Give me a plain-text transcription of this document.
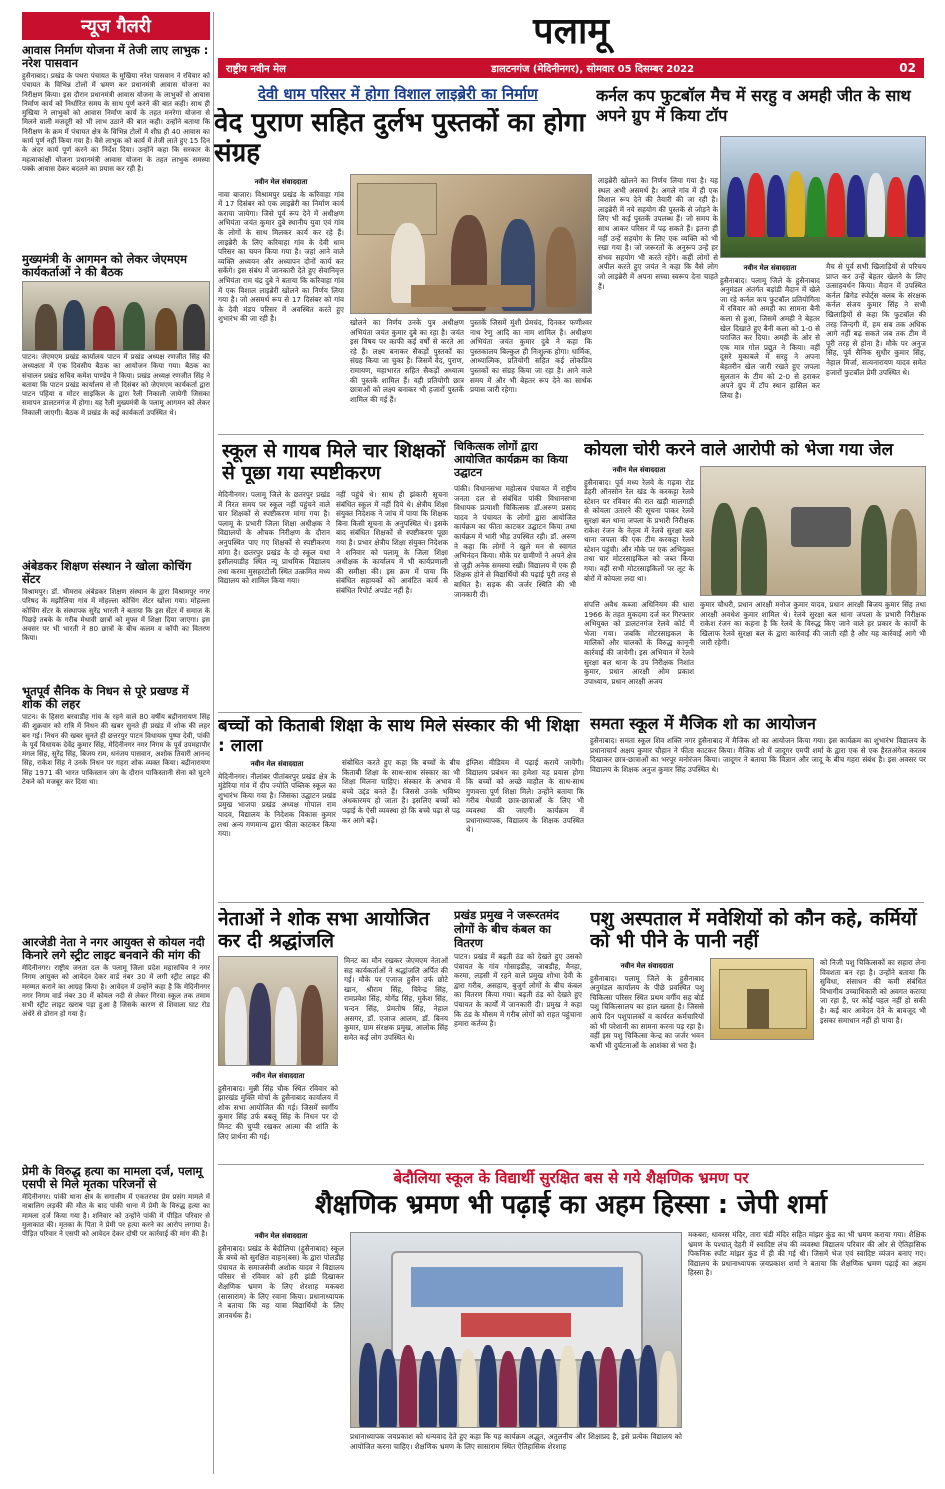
न्यूज गैलरी
आवास निर्माण योजना में तेजी लाए लाभुक : नरेश पासवान
हुसैनाबाद। प्रखंड के पथरा पंचायत के मुखिया नरेश पासवान ने रविवार को पंचायत के विभिन्न टोलों में भ्रमण कर प्रधानमंत्री आवास योजना का निरीक्षण किया। इस दौरान प्रधानमंत्री आवास योजना के लाभुकों से आवास निर्माण कार्य को निर्धारित समय के साथ पूर्ण करने की बात कही। साथ ही मुखिया ने लाभुकों को आवास निर्माण कार्य के तहत मनरेगा योजना से मिलने वाली मजदूरी को भी लाभ उठाने की बात कही। उन्होंने बताया कि निरीक्षण के क्रम में पंचायत क्षेत्र के विभिन्न टोलों में शीघ्र ही 40 आवास का कार्य पूर्ण नहीं किया गया है। वैसे लाभुक को कार्य में तेजी लाते हुए 15 दिन के अंदर कार्य पूर्ण करने का निर्देश दिया। उन्होंने कहा कि सरकार के महत्वाकांक्षी योजना प्रधानमंत्री आवास योजना के तहत लाभुक समस्या पक्के आवास देकर बदलने का प्रयास कर रही है।
मुख्यमंत्री के आगमन को लेकर जेएमएम कार्यकर्ताओं ने की बैठक
पाटन। जेएमएम प्रखंड कार्यालय पाटन में प्रखंड अध्यक्ष रणजीत सिंह की अध्यक्षता में एक दिवसीय बैठक का आयोजन किया गया। बैठक का संचालन प्रखंड सचिव कमेश पाण्डेय ने किया। प्रखंड अध्यक्ष रणजीत सिंह ने बताया कि पाटन प्रखंड कार्यालय से नौ दिसंबर को जेएमएम कार्यकर्ता द्वारा पाटन पहिया व मोटर साइकिल के द्वारा रैली निकाली जायेगी जिसका समापन डालटनगंज में होगा। यह रैली मुख्यमंत्री के पलामू आगमन को लेकर निकाली जाएगी। बैठक में प्रखंड के कई कार्यकर्ता उपस्थित थे।
अंबेडकर शिक्षण संस्थान ने खोला कोचिंग सेंटर
विश्रामपुर। डॉ. भीमराव अंबेडकर शिक्षण संस्थान के द्वारा विश्रामपुर नगर परिषद के मझौलिया गांव में मोहल्ला कोचिंग सेंटर खोला गया। मोहल्ला कोचिंग सेंटर के संस्थापक सुरेंद्र भारती ने बताया कि इस सेंटर में समाज के पिछड़े तबके के गरीब मेधावी छात्रों को मुफ्त में शिक्षा दिया जाएगा। इस अवसर पर भी भारती ने 80 छात्रों के बीच कलम व कॉपी का वितरण किया।
भूतपूर्व सैनिक के निधन से पूरे प्रखण्ड में शोक की लहर
पाटन। के हिसरा बरवाडीह गांव के रहने वाले 80 वर्षीय बद्रीनारायण सिंह की शुक्रवार को रात्रि में निधन की खबर सुनते ही प्रखंड में शोक की लहर बन गई। निधन की खबर सुनते ही छत्तरपुर पाटन विधायक पुष्पा देवी, पांकी के पूर्व विधायक देवेंद्र कुमार सिंह, मेदिनीनगर नगर निगम के पूर्व उपमहापौर मंगल सिंह, सुरेंद्र सिंह, बिजय राम, धनंजय पासवान, अशोक तिवारी आनन्द सिंह, राकेश सिंह ने उनके निधन पर गहरा शोक व्यक्त किया। बद्रीनारायण सिंह 1971 की भारत पाकिस्तान जंग के दौरान पाकिस्तानी सेना को घुटने टेकने को मजबूर कर दिया था।
आरजेडी नेता ने नगर आयुक्त से कोयल नदी किनारे लगे स्ट्रीट लाइट बनवाने की मांग की
मेदिनीनगर। राष्ट्रीय जनता दल के पलामू जिला प्रदेश महासचिव ने नगर निगम आयुक्त को आवेदन देकर वार्ड नंबर 30 में लगी स्ट्रीट लाइट की मरम्मत कराने का आग्रह किया है। आवेदन में उन्होंने कहा है कि मेदिनीनगर नगर निगम वार्ड नंबर 30 में कोयल नदी से लेकर गिरवा स्कूल तक तमाम सभी स्ट्रीट लाइट खराब पड़ा हुआ है जिसके कारण से शिवाला घाट रोड अंधेरे से डोरान हो गया है।
प्रेमी के विरुद्ध हत्या का मामला दर्ज, पलामू एसपी से मिले मृतका परिजनों से
मेदिनीनगर। पांकी थाना क्षेत्र के सगालीम में एकतरफा प्रेम प्रसंग मामले में नाबालिग लड़की की मौत के बाद पांकी थाना में प्रेमी के विरुद्ध हत्या का मामला दर्ज किया गया है। शनिवार को उन्होंने पांकी में पीड़ित परिवार से मुलाकात की। मृतका के पिता ने प्रेमी पर हत्या करने का आरोप लगाया है। पीड़ित परिवार ने एसपी को आवेदन देकर दोषी पर कार्रवाई की मांग की है।
पलामू
राष्ट्रीय नवीन मेल	डालटनगंज (मेदिनीनगर), सोमवार 05 दिसम्बर 2022	02
देवी धाम परिसर में होगा विशाल लाइब्रेरी का निर्माण
वेद पुराण सहित दुर्लभ पुस्तकों का होगा संग्रह
नवीन मेल संवाददाता

नावा बाजार। विश्रामपुर प्रखंड के करिवाहा गांव में 17 दिसंबर को एक लाइब्रेरी का निर्माण कार्य कराया जायेगा। जिसे पूर्व रूप देने में अधीक्षण अभियंता जयंत कुमार दुबे स्थानीय युवा एवं गांव के लोगों के साथ मिलकर कार्य कर रहे हैं। लाइब्रेरी के लिए करिवाहा गांव के देवी धाम परिसर का चयन किया गया है। जहां आने वाले व्यक्ति अध्ययन और अध्यापन दोनों कार्य कर सकेंगे। इस संबंध में जानकारी देते हुए सेवानिवृत्त अभियंता राम चंद्र दुबे ने बताया कि करिवाहा गांव में एक विशाल लाइब्रेरी खोलने का निर्णय लिया गया है। जो असमर्थ रूप से 17 दिसंबर को गांव के देवी मंडप परिसर में अवस्थित करते हुए शुभारंभ की जा रही है।	खोलने का निर्णय उनके पुत्र अधीक्षण अभियंता जयंत कुमार दुबे का रहा है। जयंत इस विषय पर काफी कई वर्षों से करते आ रहे हैं। लक्ष्य बनाकर सैकड़ों पुस्तकों का संग्रह किया जा चुका है। जिसमें वेद, पुराण, रामायण, महाभारत सहित सैकड़ों अध्यात्म की पुस्तकें शामिल हैं। वही प्रतियोगी छात्र छात्राओं को लक्ष्य बनाकर भी हजारों पुस्तकें शामिल की गई हैं।

पुस्तकें जिसमें मुंशी प्रेमचंद, दिनकर फणीश्वर नाथ रेणु आदि का नाम शामिल है। अधीक्षण अभियंता जयंत कुमार दुबे ने कहा कि पुस्तकालय बिल्कुल ही निःशुल्क होगा। धार्मिक, आध्यात्मिक, प्रतियोगी सहित कई लोकप्रिय पुस्तकों का संग्रह किया जा रहा है। आने वाले समय में और भी बेहतर रूप देने का सार्थक प्रयास जारी रहेगा।

लाइब्रेरी खोलने का निर्णय लिया गया है। यह स्थल अभी असमर्थ है। अगले गांव में ही एक विशाल रूप देने की तैयारी की जा रही है। लाइब्रेरी में नये सहयोग की पुस्तकें से जोड़ने के लिए भी कई पुस्तकें उपलब्ध हैं। जो समय के साथ आकर परिसर में पढ़ सकते हैं। इतना ही नहीं उन्हें सहयोग के लिए एक व्यक्ति को भी रखा गया है। जो जरूरतों के अनुरूप उन्हें हर संभव सहयोग भी करते रहेंगे। कहीं लोगों से अपील करते हुए जयंत ने कहा कि वैसे लोग जो लाइब्रेरी में अपना सच्चा स्वरूप देना चाहते हैं।

कर्नल कप फुटबॉल मैच में सरहु व अमही जीत के साथ अपने ग्रुप में किया टॉप
नवीन मेल संवाददाता

हुसैनाबाद। पलामू जिले के हुसैनाबाद अनुमंडल अंतर्गत बड़ांडी मैदान में खेले जा रहे कर्नल कप फुटबॉल प्रतियोगिता में रविवार को अमही का सामना बैनी कला से हुआ, जिसमें अमही ने बेहतर खेल दिखाते हुए बैनी कला को 1-0 से पराजित कर दिया। अमही के ओर से एक मात्र गोल प्रद्युत ने किया। वहीं दूसरे मुकाबले में सरहु ने अपना बेहतरीन खेल जारी रखते हुए जपला सुलतान के टीम को 2-0 से हराकर अपने ग्रुप में टॉप स्थान हासिल कर लिया है।

मैच से पूर्व सभी खिलाड़ियों से परिचय प्राप्त कर उन्हें बेहतर खेलने के लिए उत्साहवर्धन किया। मैदान में उपस्थित कर्नल ब्रिगेड स्पोर्ट्स क्लब के संरक्षक कर्नल संजय कुमार सिंह ने सभी खिलाड़ियों से कहा कि फुटबॉल की तरह जिन्दगी में, हम सब तक अधिक आगे नहीं बढ़ सकते जब तक टीम में पूरी तरह से होना है। मौके पर अनुज सिंह, पूर्व सैनिक सुधीर कुमार सिंह, नेहाल मिर्जा, सत्यनारायण यादव समेत हजारों फुटबॉल प्रेमी उपस्थित थे।

स्कूल से गायब मिले चार शिक्षकों से पूछा गया स्पष्टीकरण

मेदिनीनगर। पलामू जिले के छतरपुर प्रखंड में निरत समय पर स्कूल नहीं पहुंचने वाले चार शिक्षकों से स्पष्टीकरण मांगा गया है। पलामू के प्रभारी जिला शिक्षा अधीक्षक ने विद्यालयों के औचक निरीक्षण के दौरान अनुपस्थित पाए गए शिक्षकों से स्पष्टीकरण मांगा है। छतरपुर प्रखंड के दो स्कूल यथा इसीलयाडीह स्थित न्यू प्राथमिक विद्यालय तथा करमा मुसहरटोली स्थित उत्क्रमित मध्य विद्यालय को शामिल किया गया।

नहीं पहुंचे थे। साथ ही झंकारी सूचना संबंधित स्कूल में नहीं दिये थे। क्षेत्रीय शिक्षा संयुक्त निदेशक ने जांच में पाया कि शिक्षक बिना किसी सूचना के अनुपस्थित थे। इसके बाद संबंधित शिक्षकों से स्पष्टीकरण पूछा गया है। प्रभार क्षेत्रीय शिक्षा संयुक्त निदेशक ने शनिवार को पलामू के जिला शिक्षा अधीक्षक के कार्यालय में भी कार्यप्रणाली की समीक्षा की। इस क्रम में पाया कि संबंधित सहायकों को आवंटित कार्य से संबंधित रिपोर्ट अपडेट नहीं है।

चिकित्सक लोगों द्वारा आयोजित कार्यक्रम का किया उद्घाटन

पांकी। विधानसभा महोत्सव पंचायत में राष्ट्रीय जनता दल से संबंधित पांकी विधानसभा विधायक प्रत्याशी चिकित्सक डॉ.अरुण प्रसाद यादव ने पंचायत के लोगों द्वारा आयोजित कार्यक्रम का फीता काटकर उद्घाटन किया तथा कार्यक्रम में भारी भीड़ उपस्थित रही। डॉ. अरुण ने कहा कि लोगों ने खुले मन से स्वागत अभिनंदन किया। मौके पर ग्रामीणों ने अपने क्षेत्र से जुड़ी अनेक समस्या रखी। विद्यालय में एक ही शिक्षक होने से विद्यार्थियों की पढ़ाई पूरी तरह से बाधित है। सड़क की जर्जर स्थिति की भी जानकारी दी।

कोयला चोरी करने वाले आरोपी को भेजा गया जेल
नवीन मेल संवाददाता

हुसैनाबाद। पूर्व मध्य रेलवे के गढ़वा रोड डेहरी ऑनसोन रेल खंड के करकट्टा रेलवे स्टेशन पर रविवार की रात खड़ी मालगाड़ी से कोयला उतारने की सूचना पाकर रेलवे सुरक्षा बल थाना जपला के प्रभारी निरीक्षक राकेश रंजन के नेतृत्व में रेलवे सुरक्षा बल थाना जपला की एक टीम करकट्टा रेलवे स्टेशन पहुंची। और मौके पर एक अभियुक्त तथा चार मोटरसाइकिल को जब्त किया गया। वहीं सभी मोटरसाइकिलों पर लूट के बोरों में कोयला लदा था।

संपत्ति अवैध कब्जा अधिनियम की धारा 1966 के तहत मुकदमा दर्ज कर गिरफ्तार अभियुक्त को डालटनगंज रेलवे कोर्ट में भेजा गया। जबकि मोटरसाइकल के मालिकों और चालकों के विरुद्ध कानूनी कार्रवाई की जायेगी। इस अभियान में रेलवे सुरक्षा बल थाना के उप निरीक्षक निशांत कुमार, प्रधान आरक्षी ओम प्रकाश उपाध्याय, प्रधान आरक्षी अजय

कुमार चौधरी, प्रधान आरक्षी मनोज कुमार यादव, प्रधान आरक्षी बिजय कुमार सिंह तथा आरक्षी अवधेश कुमार शामिल थे। रेलवे सुरक्षा बल थाना जपला के प्रभारी निरीक्षक राकेश रंजन का कहना है कि रेलवे के विरुद्ध किए जाने वाले हर प्रकार के कार्यों के खिलाफ रेलवे सुरक्षा बल के द्वारा कार्रवाई की जाती रही है और यह कार्रवाई आगे भी जारी रहेगी।

बच्चों को किताबी शिक्षा के साथ मिले संस्कार की भी शिक्षा : लाला
नवीन मेल संवाददाता

मेदिनीनगर। नीलांबर पीतांबरपुर प्रखंड क्षेत्र के मुंडेरिया गांव में दीप ज्योति पब्लिक स्कूल का शुभारंभ किया गया है। जिसका उद्घाटन प्रखंड प्रमुख भाजपा प्रखंड अध्यक्ष गोपाल राम यादव, विद्यालय के निदेशक विकास कुमार तथा अन्य गणमान्य द्वारा फीता काटकर किया गया।

संबोधित करते हुए कहा कि बच्चों के बीच किताबी शिक्षा के साथ-साथ संस्कार का भी शिक्षा मिलना चाहिए। संस्कार के अभाव में बच्चे उद्दंड बनते हैं। जिससे उनके भविष्य अंधकारमय हो जाता है। इसलिए बच्चों को पढ़ाई के ऐसी व्यवस्था हो कि बच्चे पढ़ा से पढ़ कर आगे बढ़ें।

इंग्लिश मीडियम में पढ़ाई करायें जायेंगी। विद्यालय प्रबंधन का हमेशा यह प्रयास होगा कि बच्चों को अच्छे माहौल के साथ-साथ गुणवत्ता पूर्ण शिक्षा मिले। उन्होंने बताया कि गरीब मेधावी छात्र-छात्राओं के लिए भी व्यवस्था की जाएगी। कार्यक्रम में प्रधानाध्यापक, विद्यालय के शिक्षक उपस्थित थे।

समता स्कूल में मैजिक शो का आयोजन

हुसैनाबाद। समता स्कूल शिव शक्ति नगर हुसैनाबाद में मैजिक शो का आयोजन किया गया। इस कार्यक्रम का शुभारंभ विद्यालय के प्रधानाचार्य अक्षय कुमार चौहान ने फीता काटकर किया। मैजिक शो में जादूगर एमपी शर्मा के द्वारा एक से एक हैरतअंगेज करतब दिखाकर छात्र-छात्राओं का भरपूर मनोरंजन किया। जादूगर ने बताया कि विज्ञान और जादू के बीच गहरा संबंध है। इस अवसर पर विद्यालय के शिक्षक अनुज कुमार सिंह उपस्थित थे।

नेताओं ने शोक सभा आयोजित कर दी श्रद्धांजलि
नवीन मेल संवाददाता

हुसैनाबाद। मुन्नी सिंह चौक स्थित रविवार को झारखंड मुक्ति मोर्चा के हुसैनाबाद कार्यालय में शोक सभा आयोजित की गई। जिसमें स्वर्गीय कुमार सिंह उर्फ बबलू सिंह के निधन पर दो मिनट की चुप्पी रखकर आत्मा की शांति के लिए प्रार्थना की गई।

मिनट का मौन रखकर जेएमएम नेताओं सह कार्यकर्ताओं ने श्रद्धांजलि अर्पित की गई। मौके पर एजाज हुसैन उर्फ छोटे खान, श्रीराम सिंह, चिरेन्द्र सिंह, रामप्रवेश सिंह, योगेंद्र सिंह, मुकेश सिंह, चन्दन सिंह, प्रेमतोष सिंह, नेहाल असगर, डॉ. एजाज आलम, डॉ. बिनय कुमार, ग्राम संरक्षक प्रमुख, आलोक सिंह समेत कई लोग उपस्थित थे।

प्रखंड प्रमुख ने जरूरतमंद लोगों के बीच कंबल का वितरण

पाटन। प्रखंड में बढ़ती ठंड को देखते हुए उसको पंचायत के गांव गोसाइडीह, जाबडीह, मैनहा, करमा, लड़सी में रहने वाले प्रमुख शोभा देवी के द्वारा गरीब, असहाय, बुजुर्ग लोगों के बीच कंबल का वितरण किया गया। बढ़ती ठंड को देखते हुए पंचायत के कार्यों में जानकारी दी। प्रमुख ने कहा कि ठंड के मौसम में गरीब लोगों को राहत पहुंचाना हमारा कर्तव्य है।

पशु अस्पताल में मवेशियों को कौन कहे, कर्मियों को भी पीने के पानी नहीं
नवीन मेल संवाददाता

हुसैनाबाद। पलामू जिले के हुसैनाबाद अनुमंडल कार्यालय के पीछे प्रवस्थित पशु चिकित्सा परिसर स्थित प्रथम वर्गीय सह बोर्ड पशु चिकित्सालय का हाल खस्ता है। जिससे आये दिन पशुपालकों व कार्यरत कर्मचारियों को भी परेशानी का सामना करना पड़ रहा है। वहीं इस पशु चिकित्सा केन्द्र का जर्जर भवन कभी भी दुर्घटनाओं के आशंका से भरा है।

को निजी पशु चिकित्सकों का सहारा लेना विवशता बन रहा है। उन्होंने बताया कि सुविधा, संसाधन की कमी संबंधित विभागीय उच्चाधिकारी को अवगत कराया जा रहा है, पर कोई पहल नहीं हो सकी है। कई बार आवेदन देने के बावजूद भी इसका समाधान नहीं हो पाया है।

बेदौलिया स्कूल के विद्यार्थी सुरक्षित बस से गये शैक्षणिक भ्रमण पर
शैक्षणिक भ्रमण भी पढ़ाई का अहम हिस्सा : जेपी शर्मा
नवीन मेल संवाददाता

हुसैनाबाद। प्रखंड के बेदौलिया (हुसैनाबाद) स्कूल के बच्चे को सुरक्षित वाहन(बस) के द्वारा पोलडीह पंचायत के समाजसेवी अशोक यादव ने विद्यालय परिसर से रविवार को हरी झंडी दिखाकर शैक्षणिक भ्रमण के लिए शेरशाह मकबरा (सासाराम) के लिए रवाना किया। प्रधानाध्यापक ने बताया कि यह यात्रा विद्यार्थियों के लिए ज्ञानवर्धक है।

प्रधानाध्यापक जयप्रकाश को धन्यवाद देते हुए कहा कि यह कार्यक्रम अद्भुत, अतुलनीय और शिक्षाप्रद है, इसे प्रत्येक विद्यालय को आयोजित करना चाहिए। शैक्षणिक भ्रमण के लिए सासाराम स्थित ऐतिहासिक शेरशाह

मकबरा, धावरस मंदिर, तारा चंडी मंदिर सहित मांझर कुंड का भी भ्रमण कराया गया। शैक्षिक भ्रमण के पश्चात् देहरी में स्वादिष्ट लंच की व्यवस्था विद्यालय परिवार की ओर से ऐतिहासिक पिकनिक स्पॉट मांझर कुंड में ही की गई थी। जिसमें भेज एवं स्वादिष्ट व्यंजन बनाए गए। विद्यालय के प्रधानाध्यापक जयप्रकाश शर्मा ने बताया कि शैक्षणिक भ्रमण पढ़ाई का अहम हिस्सा है।
